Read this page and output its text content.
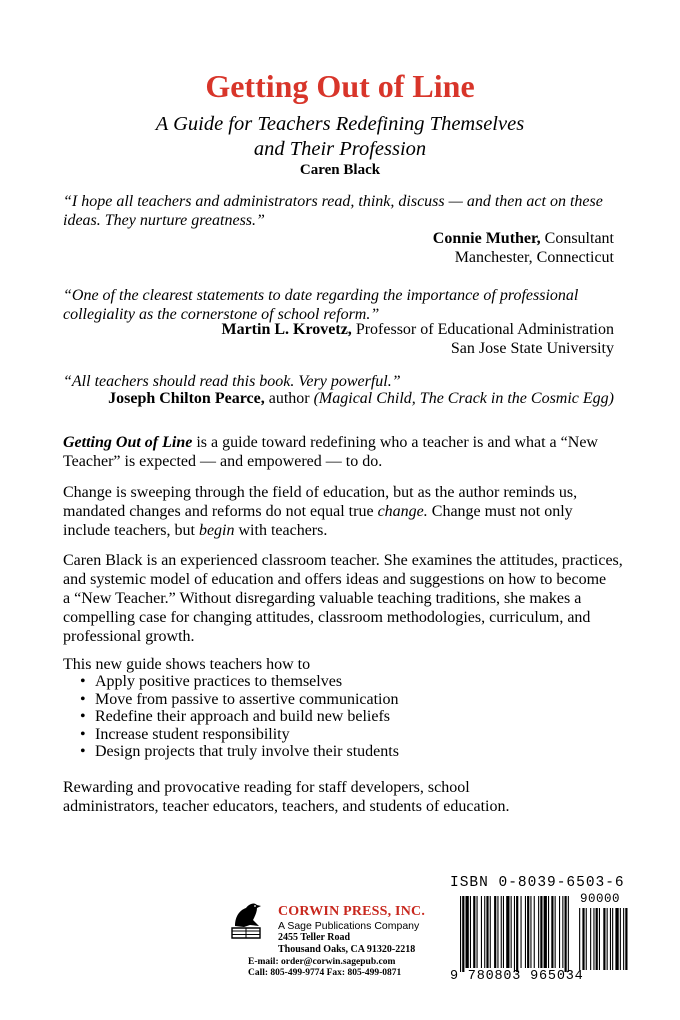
Getting Out of Line
A Guide for Teachers Redefining Themselves
and Their Profession
Caren Black
“I hope all teachers and administrators read, think, discuss — and then act on these
ideas. They nurture greatness.”
Connie Muther, Consultant
Manchester, Connecticut
“One of the clearest statements to date regarding the importance of professional
collegiality as the cornerstone of school reform.”
Martin L. Krovetz, Professor of Educational Administration
San Jose State University
“All teachers should read this book. Very powerful.”
Joseph Chilton Pearce, author (Magical Child, The Crack in the Cosmic Egg)
Getting Out of Line is a guide toward redefining who a teacher is and what a “New
Teacher” is expected — and empowered — to do.
Change is sweeping through the field of education, but as the author reminds us,
mandated changes and reforms do not equal true change. Change must not only
include teachers, but begin with teachers.
Caren Black is an experienced classroom teacher. She examines the attitudes, practices,
and systemic model of education and offers ideas and suggestions on how to become
a “New Teacher.” Without disregarding valuable teaching traditions, she makes a
compelling case for changing attitudes, classroom methodologies, curriculum, and
professional growth.
This new guide shows teachers how to
• Apply positive practices to themselves
• Move from passive to assertive communication
• Redefine their approach and build new beliefs
• Increase student responsibility
• Design projects that truly involve their students
Rewarding and provocative reading for staff developers, school
administrators, teacher educators, teachers, and students of education.
CORWIN PRESS, INC.
A Sage Publications Company
2455 Teller Road
Thousand Oaks, CA 91320-2218
E-mail: order@corwin.sagepub.com
Call: 805-499-9774 Fax: 805-499-0871
ISBN 0-8039-6503-6
90000
9 780803 965034
